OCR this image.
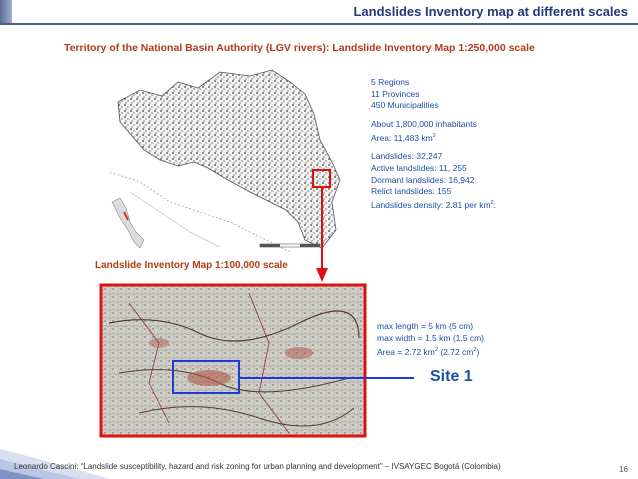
Landslides Inventory map at different scales
Territory of the National Basin Authority (LGV rivers): Landslide Inventory Map 1:250,000 scale
5 Regions
11 Provinces
450 Municipalities
About 1,800,000 inhabitants
Area: 11,483 $km^2$
Landslides: 32,247
Active landslides: 11, 255
Dormant landslides: 16,942
Relict landslides: 155
Landslides density: 2.81 per $km^2$:
Landslide Inventory Map 1:100,000 scale
max length = 5 km (5 cm)
max width = 1.5 km (1.5 cm)
Area = 2.72 $km^2$ (2.72 $cm^2$)
Site 1
Leonardo Cascini: “Landslide susceptibility, hazard and risk zoning for urban planning and development” – IVSAYGEC Bogotá (Colombia)	16
